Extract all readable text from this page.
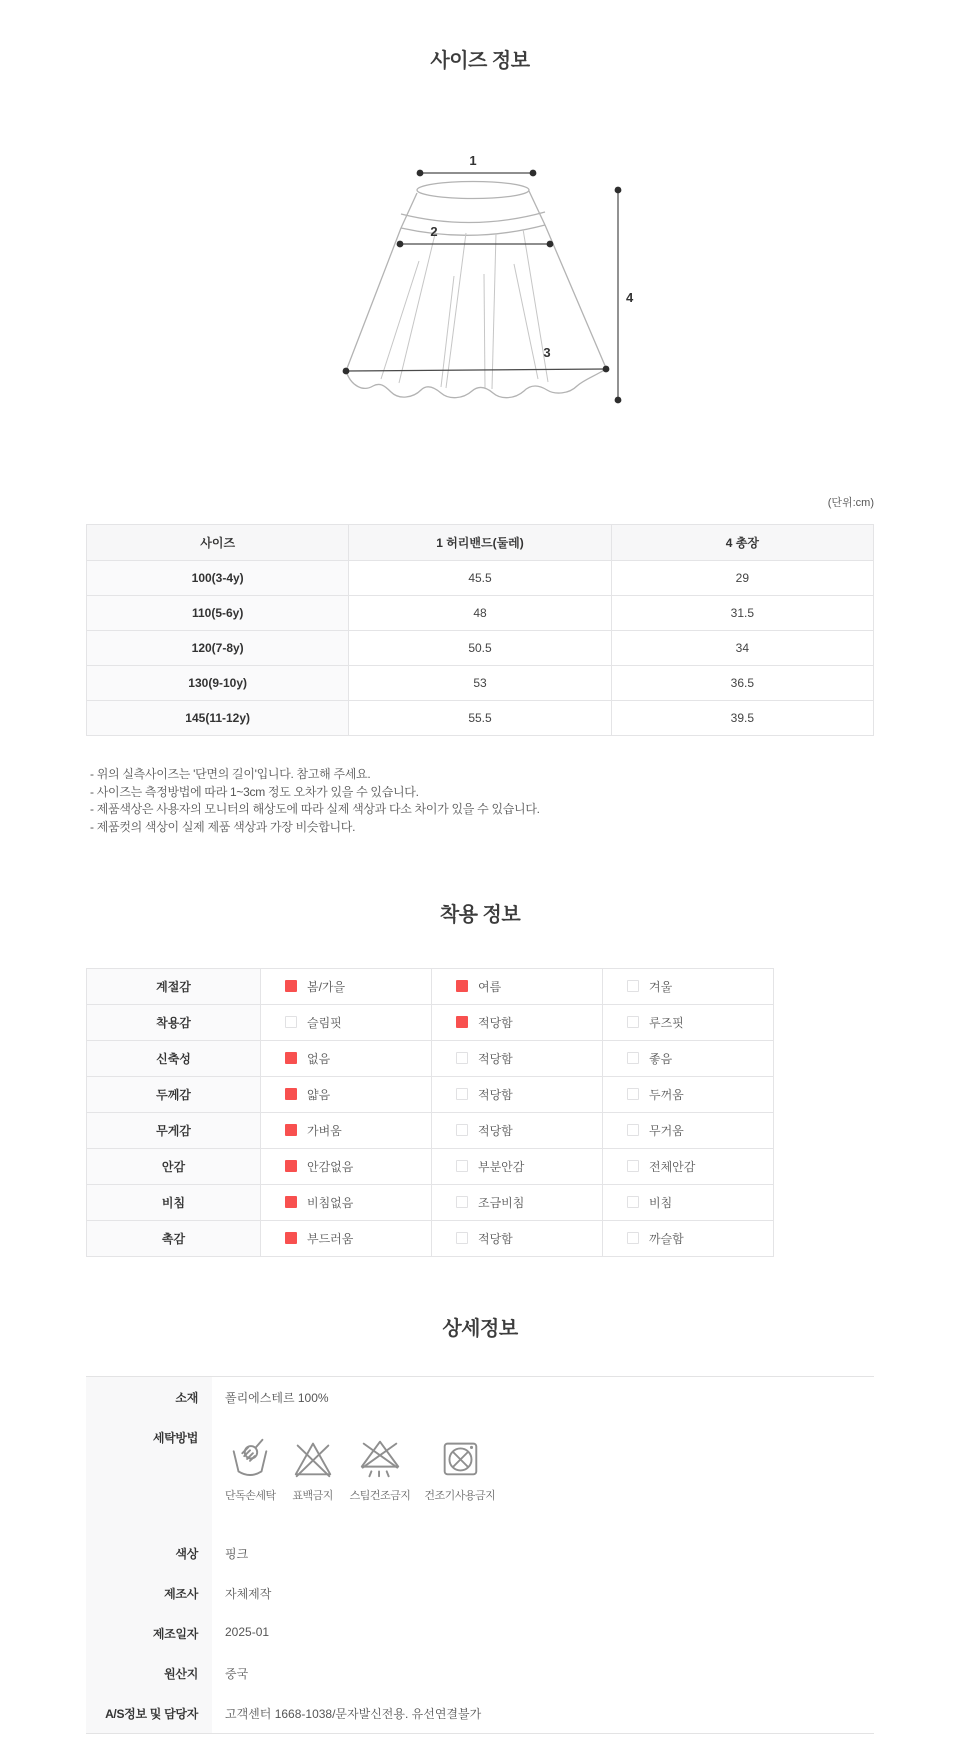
사이즈 정보
1
2
3
4
(단위:cm)
사이즈	1 허리밴드(둘레)	4 총장
100(3-4y)	45.5	29
110(5-6y)	48	31.5
120(7-8y)	50.5	34
130(9-10y)	53	36.5
145(11-12y)	55.5	39.5
- 위의 실측사이즈는 '단면의 길이'입니다. 참고해 주세요.
- 사이즈는 측정방법에 따라 1~3cm 정도 오차가 있을 수 있습니다.
- 제품색상은 사용자의 모니터의 해상도에 따라 실제 색상과 다소 차이가 있을 수 있습니다.
- 제품컷의 색상이 실제 제품 색상과 가장 비슷합니다.
착용 정보
계절감	봄/가을	여름	겨울
착용감	슬림핏	적당함	루즈핏
신축성	없음	적당함	좋음
두께감	얇음	적당함	두꺼움
무게감	가벼움	적당함	무거움
안감	안감없음	부분안감	전체안감
비침	비침없음	조금비침	비침
촉감	부드러움	적당함	까슬함
상세정보
소재	폴리에스테르 100%
세탁방법
단독손세탁 표백금지 스팀건조금지 건조기사용금지
색상	핑크
제조사	자체제작
제조일자	2025-01
원산지	중국
A/S정보 및 담당자	고객센터 1668-1038/문자발신전용. 유선연결불가
